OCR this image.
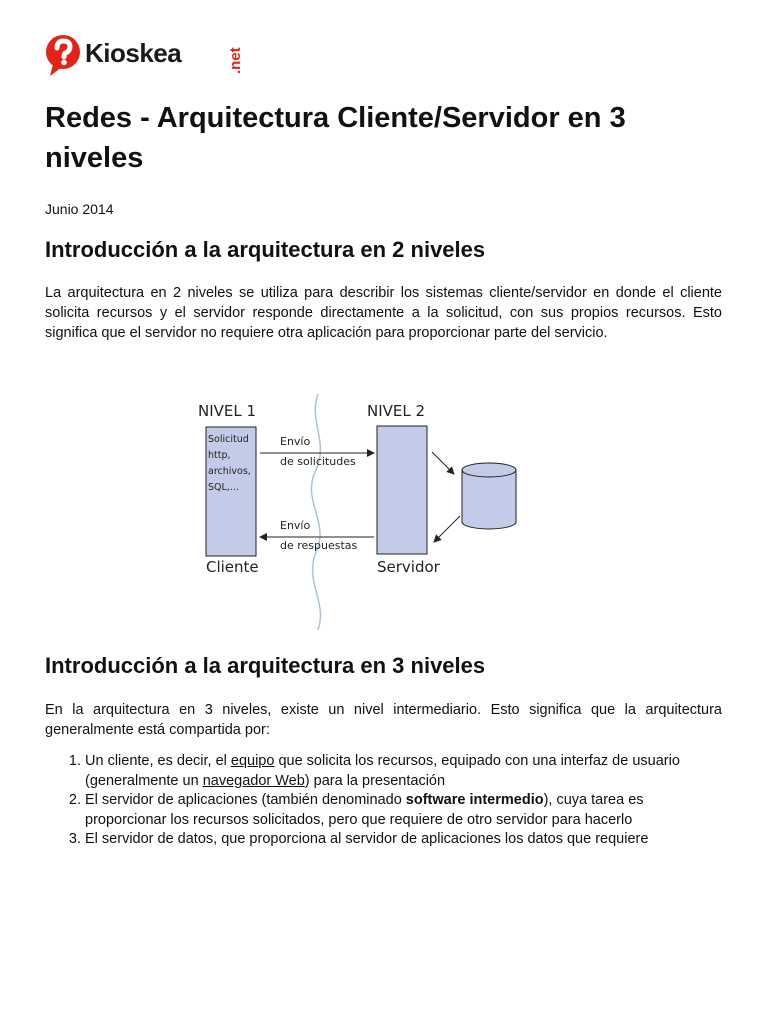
Kioskea	.net
Redes - Arquitectura Cliente/Servidor en 3 niveles

Junio 2014

Introducción a la arquitectura en 2 niveles

La arquitectura en 2 niveles se utiliza para describir los sistemas cliente/servidor en donde el cliente solicita recursos y el servidor responde directamente a la solicitud, con sus propios recursos. Esto significa que el servidor no requiere otra aplicación para proporcionar parte del servicio.

NIVEL 1	NIVEL 2
Solicitud http, archivos, SQL,...
Envío de solicitudes
Envío de respuestas
Cliente	Servidor
Introducción a la arquitectura en 3 niveles

En la arquitectura en 3 niveles, existe un nivel intermediario. Esto significa que la arquitectura generalmente está compartida por:

1. Un cliente, es decir, el equipo que solicita los recursos, equipado con una interfaz de usuario (generalmente un navegador Web) para la presentación
2. El servidor de aplicaciones (también denominado software intermedio), cuya tarea es proporcionar los recursos solicitados, pero que requiere de otro servidor para hacerlo
3. El servidor de datos, que proporciona al servidor de aplicaciones los datos que requiere
